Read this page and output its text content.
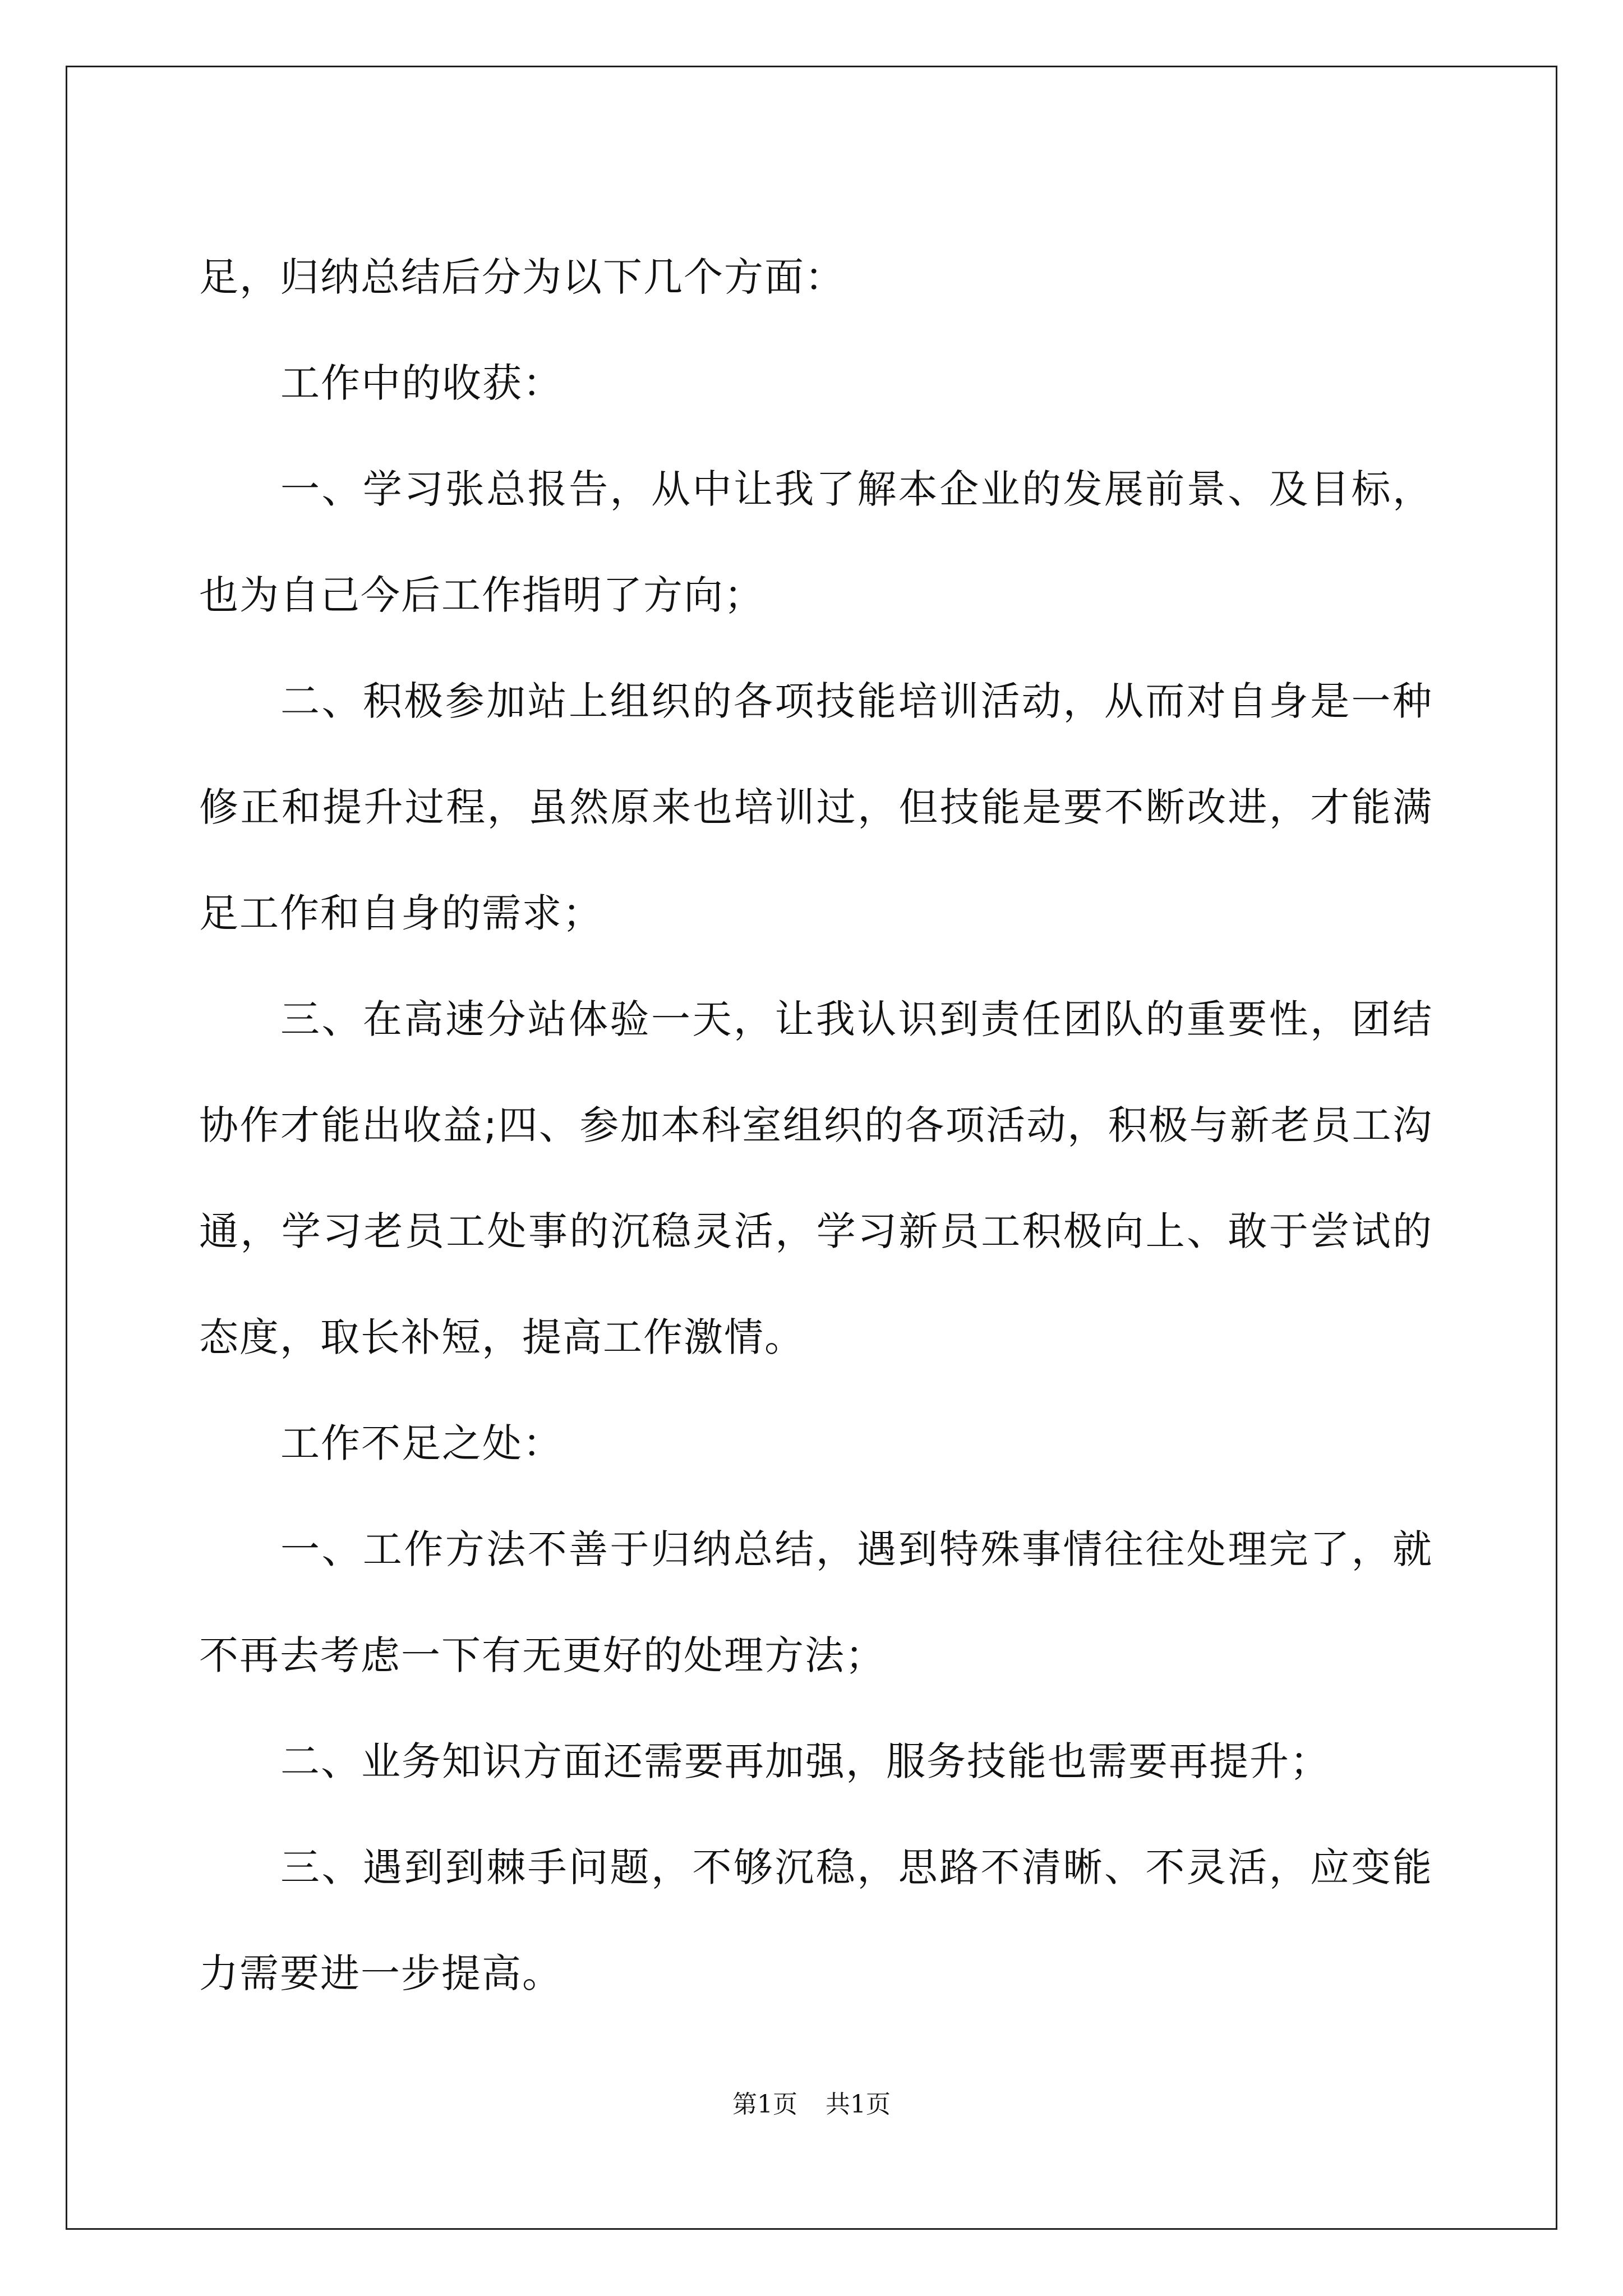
足，归纳总结后分为以下几个方面：

工作中的收获：

一、学习张总报告，从中让我了解本企业的发展前景、及目标，也为自己今后工作指明了方向；

二、积极参加站上组织的各项技能培训活动，从而对自身是一种修正和提升过程，虽然原来也培训过，但技能是要不断改进，才能满足工作和自身的需求；

三、在高速分站体验一天，让我认识到责任团队的重要性，团结协作才能出收益;四、参加本科室组织的各项活动，积极与新老员工沟通，学习老员工处事的沉稳灵活，学习新员工积极向上、敢于尝试的态度，取长补短，提高工作激情。

工作不足之处：

一、工作方法不善于归纳总结，遇到特殊事情往往处理完了，就不再去考虑一下有无更好的处理方法；

二、业务知识方面还需要再加强，服务技能也需要再提升；

三、遇到到棘手问题，不够沉稳，思路不清晰、不灵活，应变能力需要进一步提高。

第1页 共1页
